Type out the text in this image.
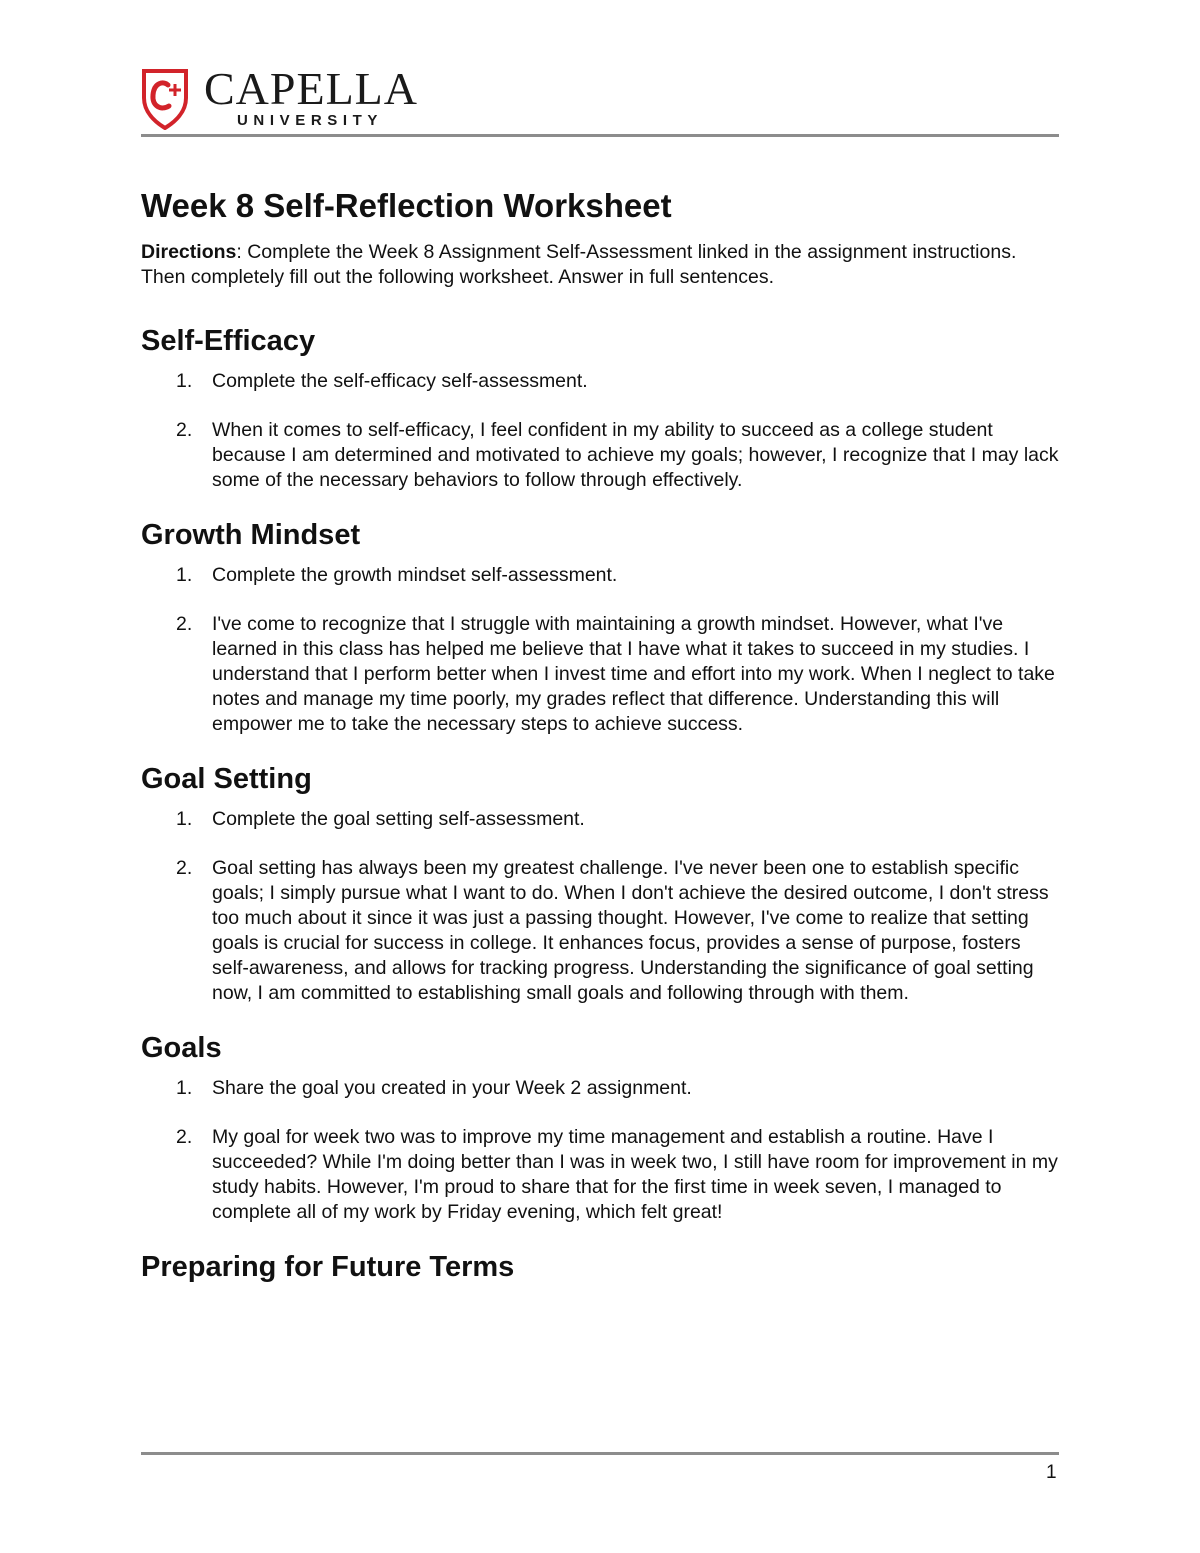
CAPELLA
UNIVERSITY
Week 8 Self-Reflection Worksheet

Directions: Complete the Week 8 Assignment Self-Assessment linked in the assignment instructions. Then completely fill out the following worksheet. Answer in full sentences.

Self-Efficacy
1. Complete the self-efficacy self-assessment.
2. When it comes to self-efficacy, I feel confident in my ability to succeed as a college student because I am determined and motivated to achieve my goals; however, I recognize that I may lack some of the necessary behaviors to follow through effectively.
Growth Mindset
1. Complete the growth mindset self-assessment.
2. I've come to recognize that I struggle with maintaining a growth mindset. However, what I've learned in this class has helped me believe that I have what it takes to succeed in my studies. I understand that I perform better when I invest time and effort into my work. When I neglect to take notes and manage my time poorly, my grades reflect that difference. Understanding this will empower me to take the necessary steps to achieve success.
Goal Setting
1. Complete the goal setting self-assessment.
2. Goal setting has always been my greatest challenge. I've never been one to establish specific goals; I simply pursue what I want to do. When I don't achieve the desired outcome, I don't stress too much about it since it was just a passing thought. However, I've come to realize that setting goals is crucial for success in college. It enhances focus, provides a sense of purpose, fosters self-awareness, and allows for tracking progress. Understanding the significance of goal setting now, I am committed to establishing small goals and following through with them.
Goals
1. Share the goal you created in your Week 2 assignment.
2. My goal for week two was to improve my time management and establish a routine. Have I succeeded? While I'm doing better than I was in week two, I still have room for improvement in my study habits. However, I'm proud to share that for the first time in week seven, I managed to complete all of my work by Friday evening, which felt great!
Preparing for Future Terms
1
